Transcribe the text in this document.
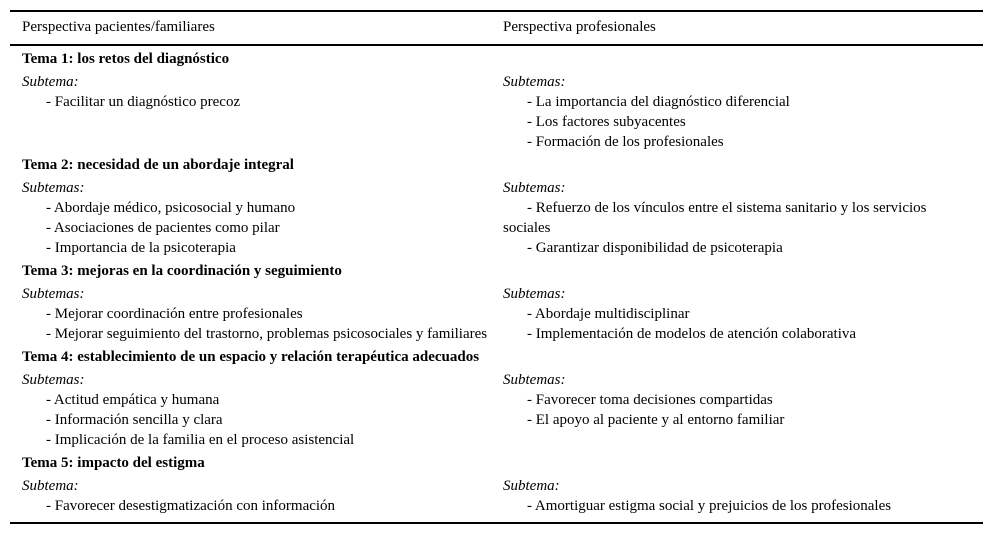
Perspectiva pacientes/familiares	Perspectiva profesionales
Tema 1: los retos del diagnóstico
Subtema:
- Facilitar un diagnóstico precoz
Subtemas:
- La importancia del diagnóstico diferencial
- Los factores subyacentes
- Formación de los profesionales
Tema 2: necesidad de un abordaje integral
Subtemas:
- Abordaje médico, psicosocial y humano
- Asociaciones de pacientes como pilar
- Importancia de la psicoterapia
Subtemas:
- Refuerzo de los vínculos entre el sistema sanitario y los servicios sociales
- Garantizar disponibilidad de psicoterapia
Tema 3: mejoras en la coordinación y seguimiento
Subtemas:
- Mejorar coordinación entre profesionales
- Mejorar seguimiento del trastorno, problemas psicosociales y familiares
Subtemas:
- Abordaje multidisciplinar
- Implementación de modelos de atención colaborativa
Tema 4: establecimiento de un espacio y relación terapéutica adecuados
Subtemas:
- Actitud empática y humana
- Información sencilla y clara
- Implicación de la familia en el proceso asistencial
Subtemas:
- Favorecer toma decisiones compartidas
- El apoyo al paciente y al entorno familiar
Tema 5: impacto del estigma
Subtema:
- Favorecer desestigmatización con información
Subtema:
- Amortiguar estigma social y prejuicios de los profesionales
